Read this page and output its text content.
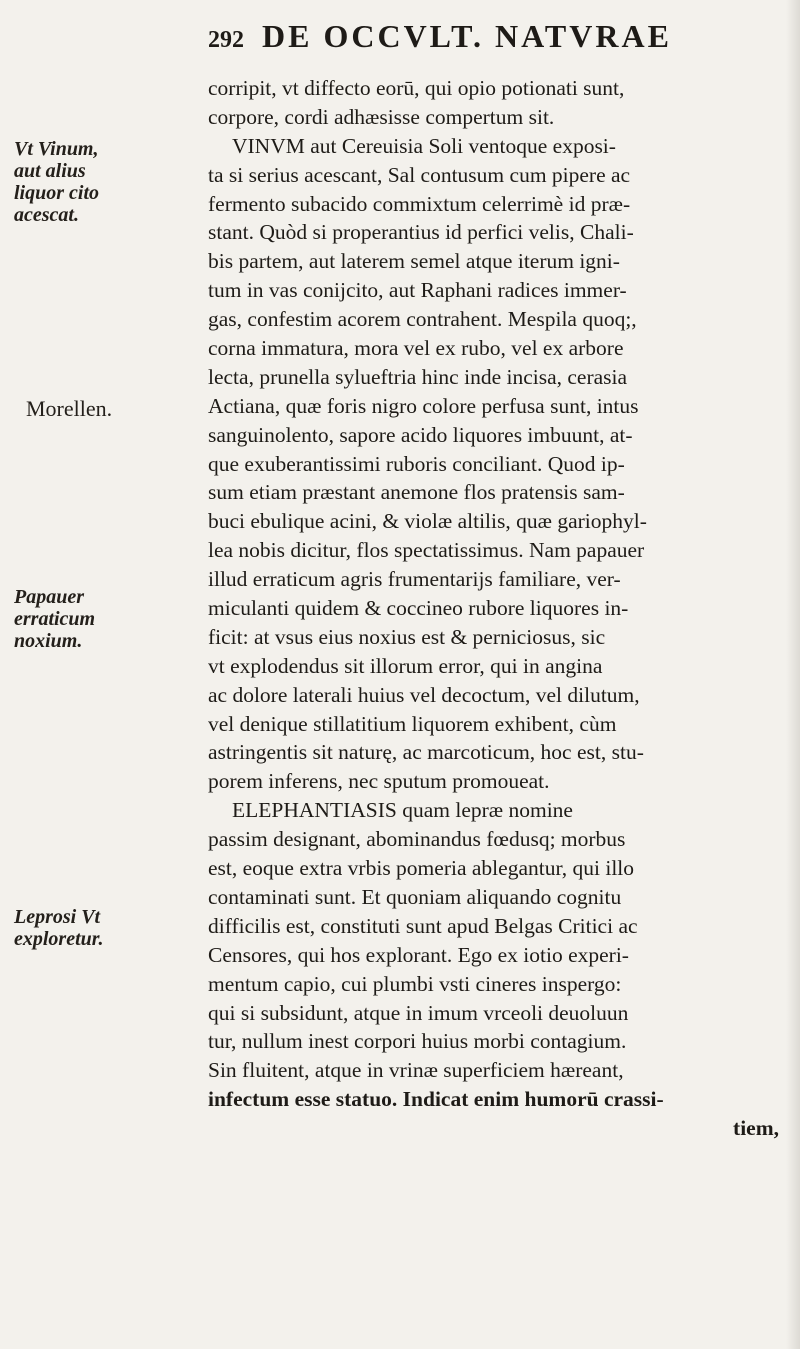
292 DE OCCVLT. NATVRAE
Vt Vinum,
aut alius
liquor cito
acescat.
Morellen.
Papauer
erraticum
noxium.
Leprosi Vt
exploretur.
corripit, vt diffecto eorū, qui opio potionati sunt,
corpore, cordi adhæsisse compertum sit.
VINVM aut Cereuisia Soli ventoque exposi-
ta si serius acescant, Sal contusum cum pipere ac
fermento subacido commixtum celerrimè id præ-
stant. Quòd si properantius id perfici velis, Chali-
bis partem, aut laterem semel atque iterum igni-
tum in vas conijcito, aut Raphani radices immer-
gas, confestim acorem contrahent. Mespila quoq;,
corna immatura, mora vel ex rubo, vel ex arbore
lecta, prunella sylueftria hinc inde incisa, cerasia
Actiana, quæ foris nigro colore perfusa sunt, intus
sanguinolento, sapore acido liquores imbuunt, at-
que exuberantissimi ruboris conciliant. Quod ip-
sum etiam præstant anemone flos pratensis sam-
buci ebulique acini, & violæ altilis, quæ gariophyl-
lea nobis dicitur, flos spectatissimus. Nam papauer
illud erraticum agris frumentarijs familiare, ver-
miculanti quidem & coccineo rubore liquores in-
ficit: at vsus eius noxius est & perniciosus, sic
vt explodendus sit illorum error, qui in angina
ac dolore laterali huius vel decoctum, vel dilutum,
vel denique stillatitium liquorem exhibent, cùm
astringentis sit naturę, ac marcoticum, hoc est, stu-
porem inferens, nec sputum promoueat.
ELEPHANTIASIS quam lepræ nomine
passim designant, abominandus fœdusq; morbus
est, eoque extra vrbis pomeria ablegantur, qui illo
contaminati sunt. Et quoniam aliquando cognitu
difficilis est, constituti sunt apud Belgas Critici ac
Censores, qui hos explorant. Ego ex iotio experi-
mentum capio, cui plumbi vsti cineres inspergo:
qui si subsidunt, atque in imum vrceoli deuoluun
tur, nullum inest corpori huius morbi contagium.
Sin fluitent, atque in vrinæ superficiem hæreant,
infectum esse statuo. Indicat enim humorū crassi-
tiem,
